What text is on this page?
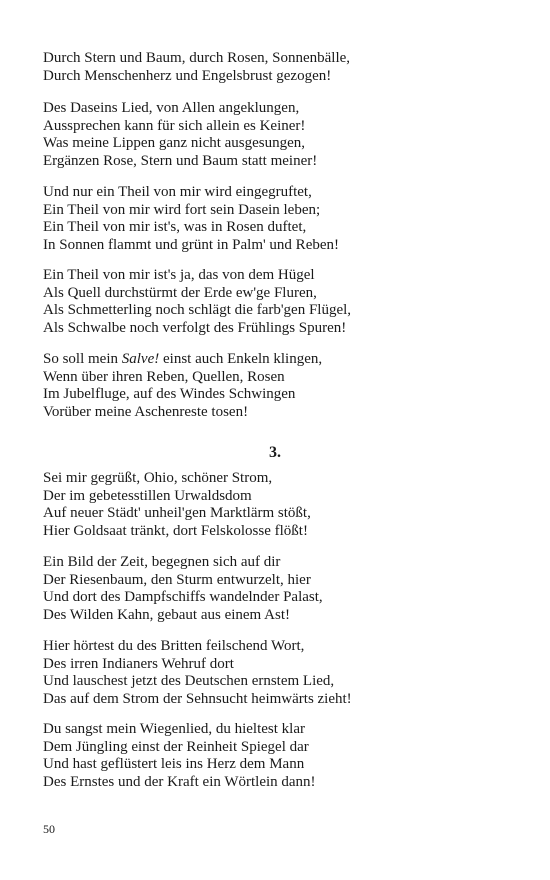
Durch Stern und Baum, durch Rosen, Sonnenbälle,
Durch Menschenherz und Engelsbrust gezogen!
Des Daseins Lied, von Allen angeklungen,
Aussprechen kann für sich allein es Keiner!
Was meine Lippen ganz nicht ausgesungen,
Ergänzen Rose, Stern und Baum statt meiner!
Und nur ein Theil von mir wird eingegruftet,
Ein Theil von mir wird fort sein Dasein leben;
Ein Theil von mir ist's, was in Rosen duftet,
In Sonnen flammt und grünt in Palm' und Reben!
Ein Theil von mir ist's ja, das von dem Hügel
Als Quell durchstürmt der Erde ew'ge Fluren,
Als Schmetterling noch schlägt die farb'gen Flügel,
Als Schwalbe noch verfolgt des Frühlings Spuren!
So soll mein Salve! einst auch Enkeln klingen,
Wenn über ihren Reben, Quellen, Rosen
Im Jubelfluge, auf des Windes Schwingen
Vorüber meine Aschenreste tosen!
3.
Sei mir gegrüßt, Ohio, schöner Strom,
Der im gebetesstillen Urwaldsdom
Auf neuer Städt' unheil'gen Marktlärm stößt,
Hier Goldsaat tränkt, dort Felskolosse flößt!
Ein Bild der Zeit, begegnen sich auf dir
Der Riesenbaum, den Sturm entwurzelt, hier
Und dort des Dampfschiffs wandelnder Palast,
Des Wilden Kahn, gebaut aus einem Ast!
Hier hörtest du des Britten feilschend Wort,
Des irren Indianers Wehruf dort
Und lauschest jetzt des Deutschen ernstem Lied,
Das auf dem Strom der Sehnsucht heimwärts zieht!
Du sangst mein Wiegenlied, du hieltest klar
Dem Jüngling einst der Reinheit Spiegel dar
Und hast geflüstert leis ins Herz dem Mann
Des Ernstes und der Kraft ein Wörtlein dann!
50
